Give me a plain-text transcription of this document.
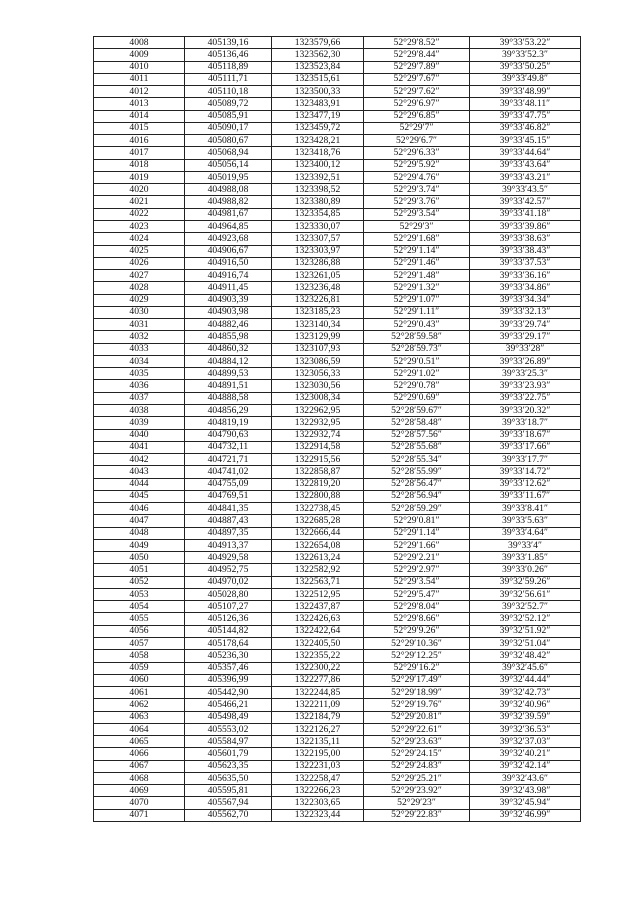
4008	405139,16	1323579,66	52°29′8.52″	39°33′53.22″
4009	405136,46	1323562,30	52°29′8.44″	39°33′52.3″
4010	405118,89	1323523,84	52°29′7.89″	39°33′50.25″
4011	405111,71	1323515,61	52°29′7.67″	39°33′49.8″
4012	405110,18	1323500,33	52°29′7.62″	39°33′48.99″
4013	405089,72	1323483,91	52°29′6.97″	39°33′48.11″
4014	405085,91	1323477,19	52°29′6.85″	39°33′47.75″
4015	405090,17	1323459,72	52°29′7″	39°33′46.82″
4016	405080,67	1323428,21	52°29′6.7″	39°33′45.15″
4017	405068,94	1323418,76	52°29′6.33″	39°33′44.64″
4018	405056,14	1323400,12	52°29′5.92″	39°33′43.64″
4019	405019,95	1323392,51	52°29′4.76″	39°33′43.21″
4020	404988,08	1323398,52	52°29′3.74″	39°33′43.5″
4021	404988,82	1323380,89	52°29′3.76″	39°33′42.57″
4022	404981,67	1323354,85	52°29′3.54″	39°33′41.18″
4023	404964,85	1323330,07	52°29′3″	39°33′39.86″
4024	404923,68	1323307,57	52°29′1.68″	39°33′38.63″
4025	404906,67	1323303,97	52°29′1.14″	39°33′38.43″
4026	404916,50	1323286,88	52°29′1.46″	39°33′37.53″
4027	404916,74	1323261,05	52°29′1.48″	39°33′36.16″
4028	404911,45	1323236,48	52°29′1.32″	39°33′34.86″
4029	404903,39	1323226,81	52°29′1.07″	39°33′34.34″
4030	404903,98	1323185,23	52°29′1.11″	39°33′32.13″
4031	404882,46	1323140,34	52°29′0.43″	39°33′29.74″
4032	404855,98	1323129,99	52°28′59.58″	39°33′29.17″
4033	404860,32	1323107,93	52°28′59.73″	39°33′28″
4034	404884,12	1323086,59	52°29′0.51″	39°33′26.89″
4035	404899,53	1323056,33	52°29′1.02″	39°33′25.3″
4036	404891,51	1323030,56	52°29′0.78″	39°33′23.93″
4037	404888,58	1323008,34	52°29′0.69″	39°33′22.75″
4038	404856,29	1322962,95	52°28′59.67″	39°33′20.32″
4039	404819,19	1322932,95	52°28′58.48″	39°33′18.7″
4040	404790,63	1322932,74	52°28′57.56″	39°33′18.67″
4041	404732,11	1322914,58	52°28′55.68″	39°33′17.66″
4042	404721,71	1322915,56	52°28′55.34″	39°33′17.7″
4043	404741,02	1322858,87	52°28′55.99″	39°33′14.72″
4044	404755,09	1322819,20	52°28′56.47″	39°33′12.62″
4045	404769,51	1322800,88	52°28′56.94″	39°33′11.67″
4046	404841,35	1322738,45	52°28′59.29″	39°33′8.41″
4047	404887,43	1322685,28	52°29′0.81″	39°33′5.63″
4048	404897,35	1322666,44	52°29′1.14″	39°33′4.64″
4049	404913,37	1322654,08	52°29′1.66″	39°33′4″
4050	404929,58	1322613,24	52°29′2.21″	39°33′1.85″
4051	404952,75	1322582,92	52°29′2.97″	39°33′0.26″
4052	404970,02	1322563,71	52°29′3.54″	39°32′59.26″
4053	405028,80	1322512,95	52°29′5.47″	39°32′56.61″
4054	405107,27	1322437,87	52°29′8.04″	39°32′52.7″
4055	405126,36	1322426,63	52°29′8.66″	39°32′52.12″
4056	405144,82	1322422,64	52°29′9.26″	39°32′51.92″
4057	405178,64	1322405,50	52°29′10.36″	39°32′51.04″
4058	405236,30	1322355,22	52°29′12.25″	39°32′48.42″
4059	405357,46	1322300,22	52°29′16.2″	39°32′45.6″
4060	405396,99	1322277,86	52°29′17.49″	39°32′44.44″
4061	405442,90	1322244,85	52°29′18.99″	39°32′42.73″
4062	405466,21	1322211,09	52°29′19.76″	39°32′40.96″
4063	405498,49	1322184,79	52°29′20.81″	39°32′39.59″
4064	405553,02	1322126,27	52°29′22.61″	39°32′36.53″
4065	405584,97	1322135,11	52°29′23.63″	39°32′37.03″
4066	405601,79	1322195,00	52°29′24.15″	39°32′40.21″
4067	405623,35	1322231,03	52°29′24.83″	39°32′42.14″
4068	405635,50	1322258,47	52°29′25.21″	39°32′43.6″
4069	405595,81	1322266,23	52°29′23.92″	39°32′43.98″
4070	405567,94	1322303,65	52°29′23″	39°32′45.94″
4071	405562,70	1322323,44	52°29′22.83″	39°32′46.99″
